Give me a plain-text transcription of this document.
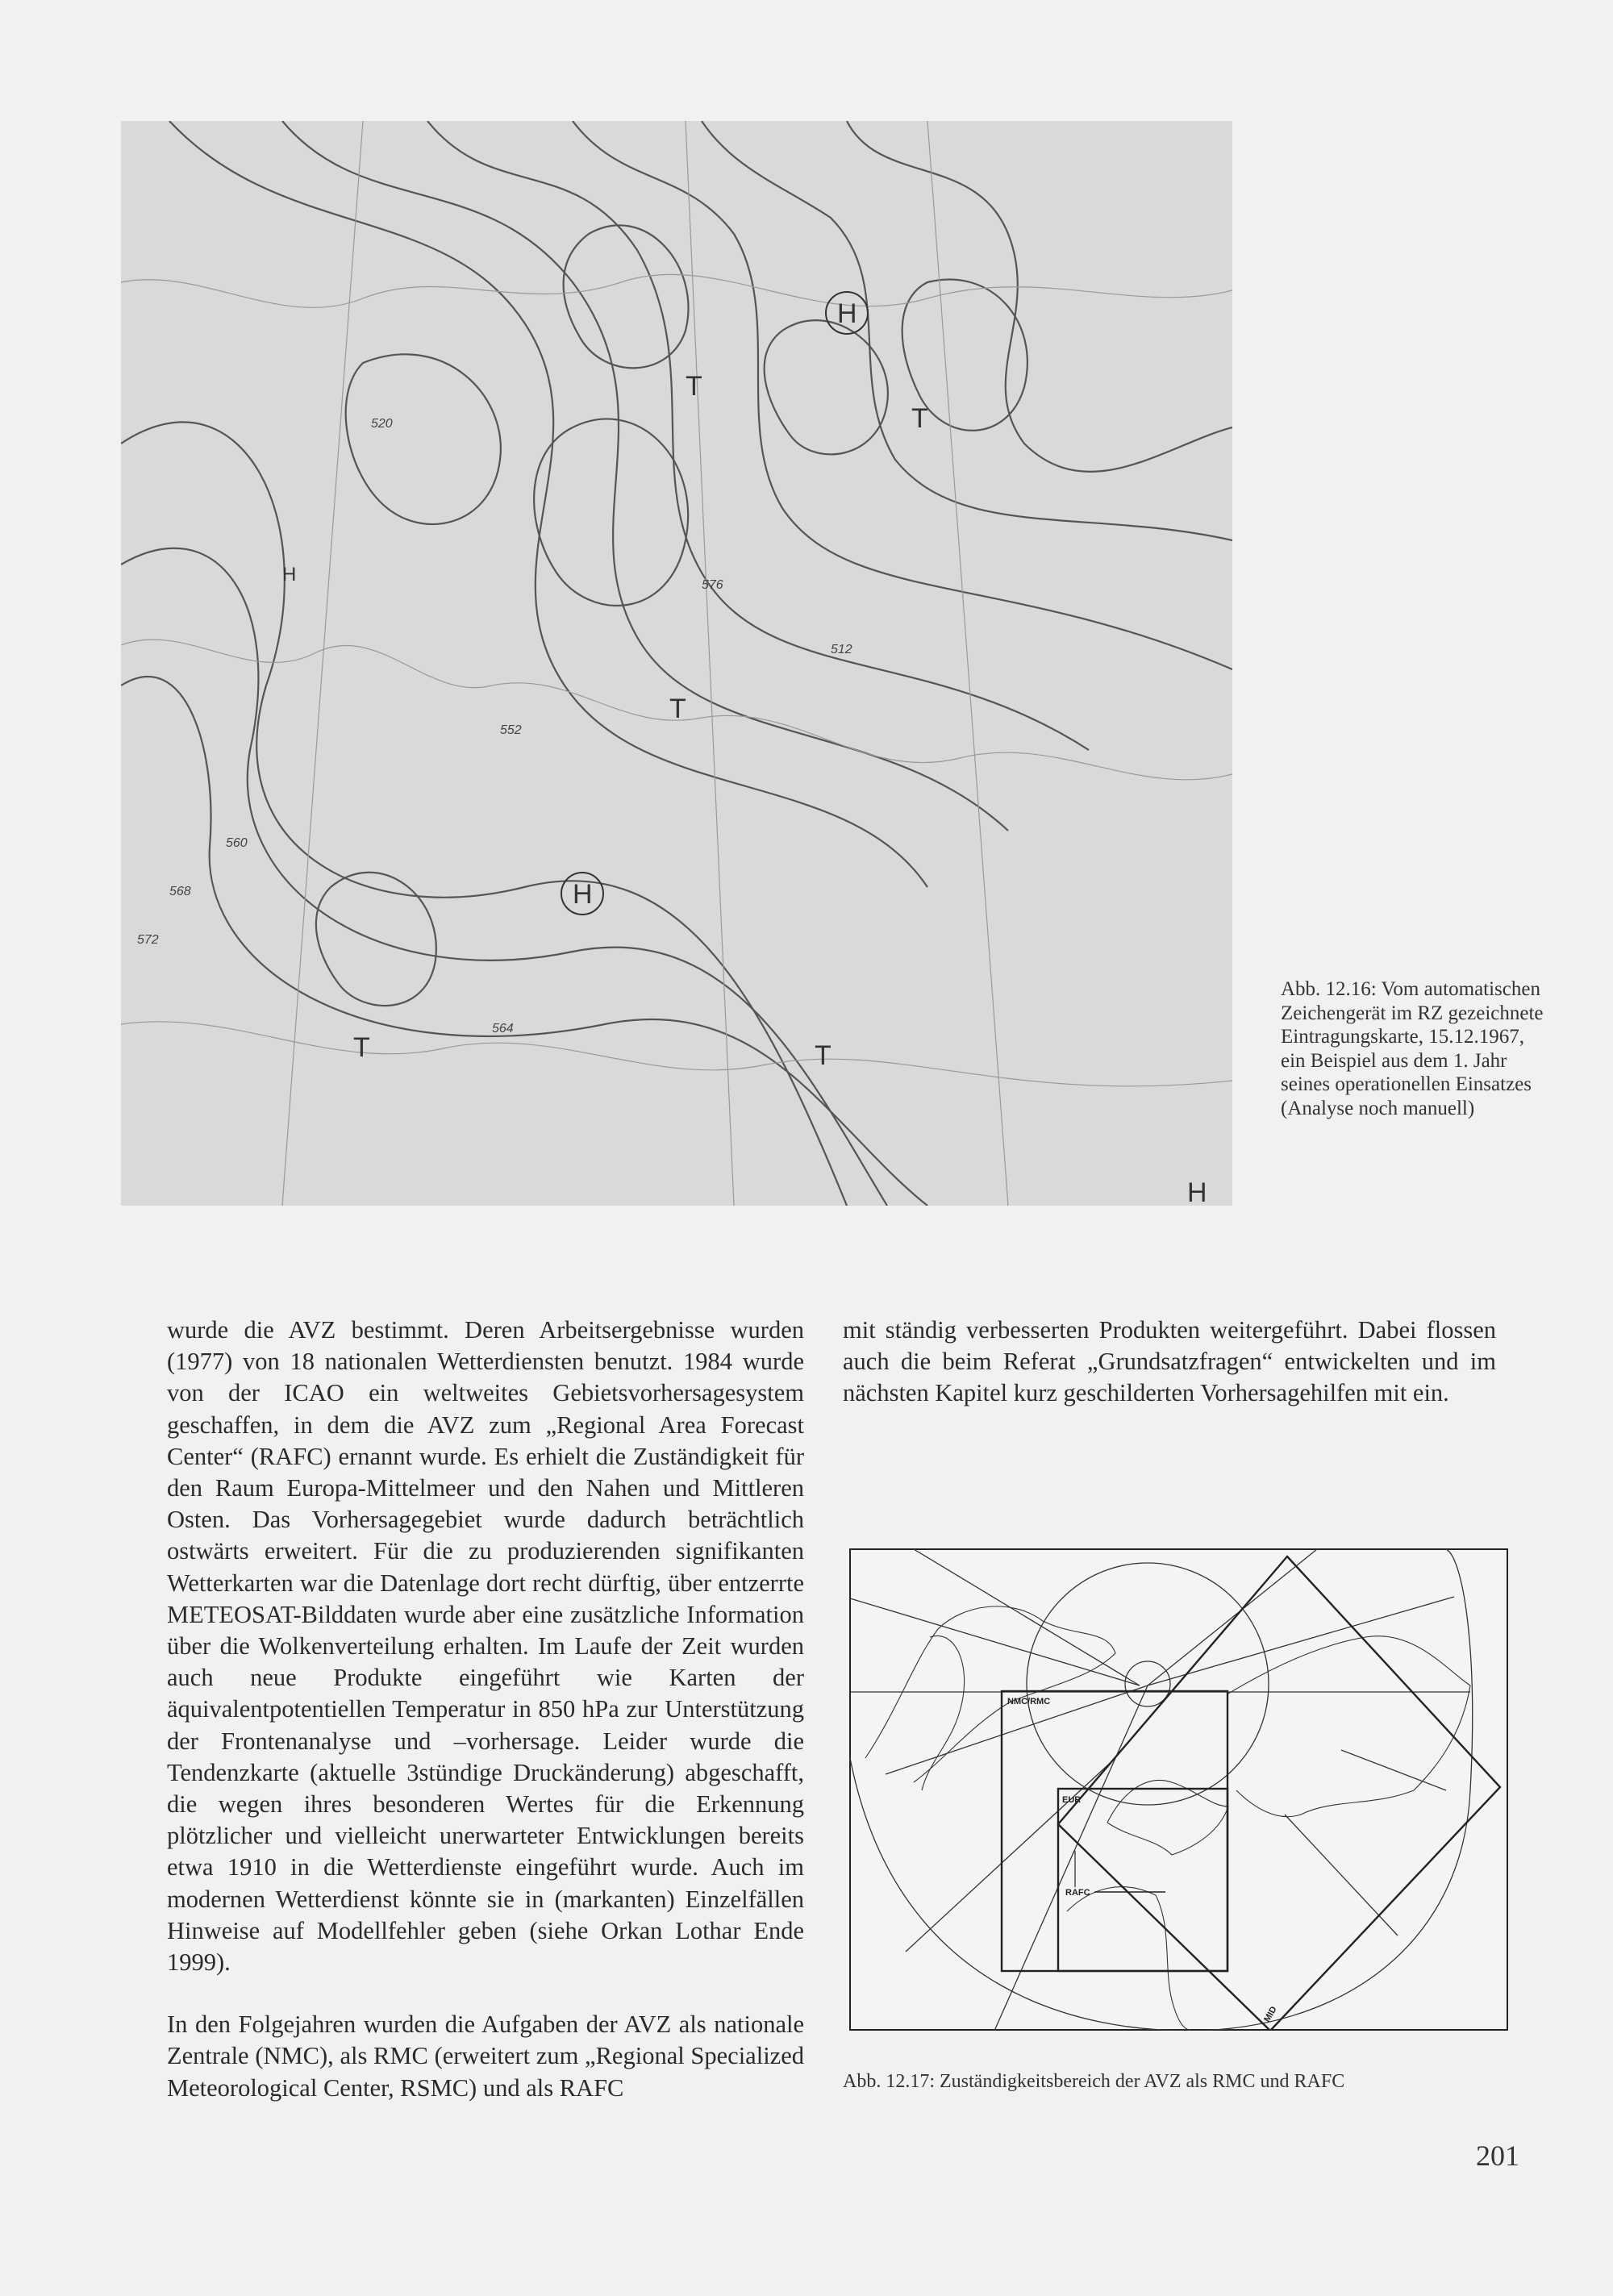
H
T
T
T
H
T	T
H
H
520
552
560
564
568
572
576
512
Abb. 12.16: Vom automatischen Zeichengerät im RZ gezeichnete Eintragungskarte, 15.12.1967, ein Beispiel aus dem 1. Jahr seines operationellen Einsatzes (Analyse noch manuell)

wurde die AVZ bestimmt. Deren Arbeitsergebnisse wurden (1977) von 18 nationalen Wetterdiensten benutzt. 1984 wurde von der ICAO ein weltweites Gebietsvorhersagesystem geschaffen, in dem die AVZ zum „Regional Area Forecast Center“ (RAFC) ernannt wurde. Es erhielt die Zuständigkeit für den Raum Europa-Mittelmeer und den Nahen und Mittleren Osten. Das Vorhersagegebiet wurde dadurch beträchtlich ostwärts erweitert. Für die zu produzierenden signifikanten Wetterkarten war die Datenlage dort recht dürftig, über entzerrte METEOSAT-Bilddaten wurde aber eine zusätzliche Information über die Wolkenverteilung erhalten. Im Laufe der Zeit wurden auch neue Produkte eingeführt wie Karten der äquivalentpotentiellen Temperatur in 850 hPa zur Unterstützung der Frontenanalyse und –vorhersage. Leider wurde die Tendenzkarte (aktuelle 3stündige Druckänderung) abgeschafft, die wegen ihres besonderen Wertes für die Erkennung plötzlicher und vielleicht unerwarteter Entwicklungen bereits etwa 1910 in die Wetterdienste eingeführt wurde. Auch im modernen Wetterdienst könnte sie in (markanten) Einzelfällen Hinweise auf Modellfehler geben (siehe Orkan Lothar Ende 1999).

In den Folgejahren wurden die Aufgaben der AVZ als nationale Zentrale (NMC), als RMC (erweitert zum „Regional Specialized Meteorological Center, RSMC) und als RAFC

mit ständig verbesserten Produkten weitergeführt. Dabei flossen auch die beim Referat „Grundsatzfragen“ entwickelten und im nächsten Kapitel kurz geschilderten Vorhersagehilfen mit ein.

NMC/RMC
EUR
RAFC
MID
Abb. 12.17: Zuständigkeitsbereich der AVZ als RMC und RAFC
201
